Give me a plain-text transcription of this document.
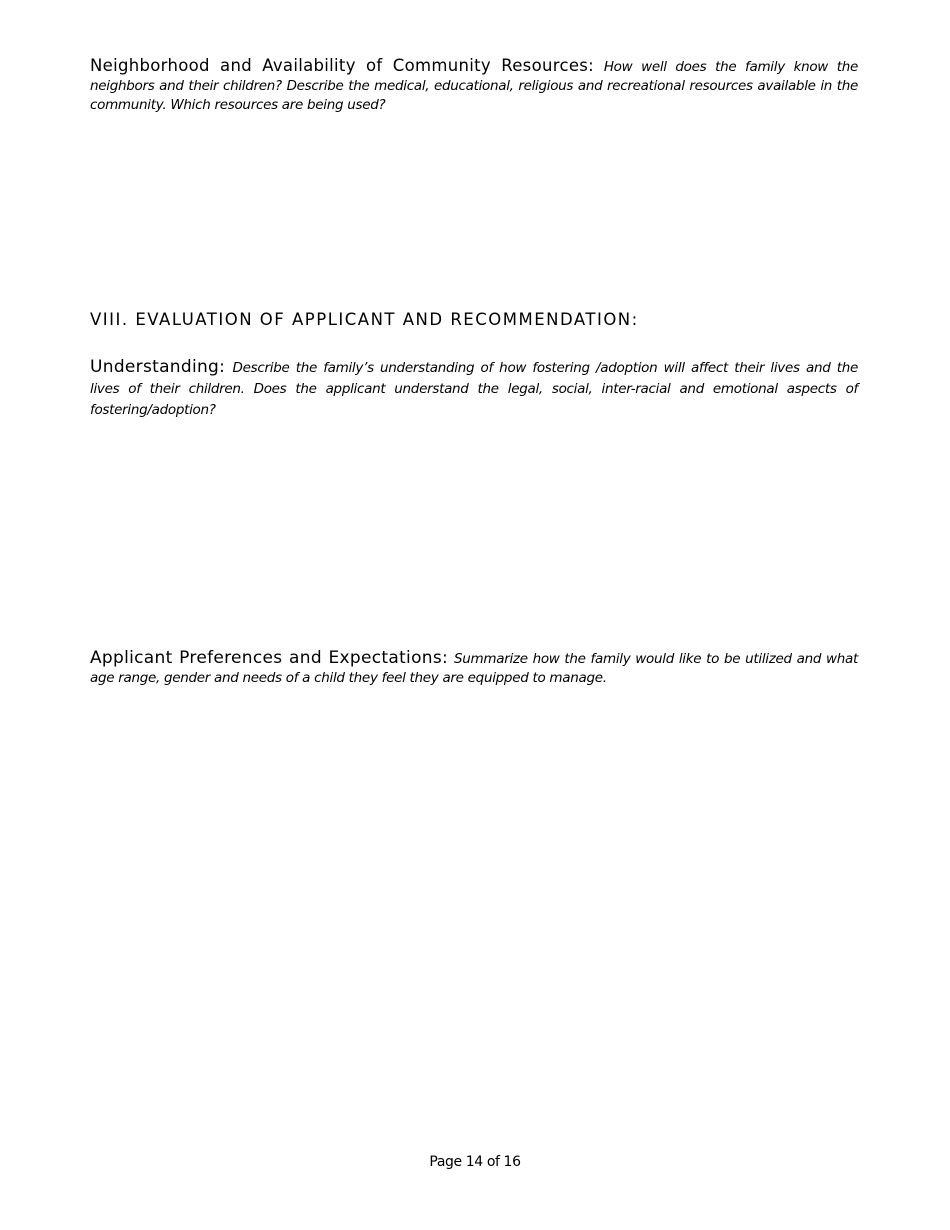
Neighborhood and Availability of Community Resources: How well does the family know the neighbors and their children? Describe the medical, educational, religious and recreational resources available in the community. Which resources are being used?
VIII. EVALUATION OF APPLICANT AND RECOMMENDATION:
Understanding: Describe the family’s understanding of how fostering /adoption will affect their lives and the lives of their children. Does the applicant understand the legal, social, inter-racial and emotional aspects of fostering/adoption?
Applicant Preferences and Expectations: Summarize how the family would like to be utilized and what age range, gender and needs of a child they feel they are equipped to manage.
Page 14 of 16
